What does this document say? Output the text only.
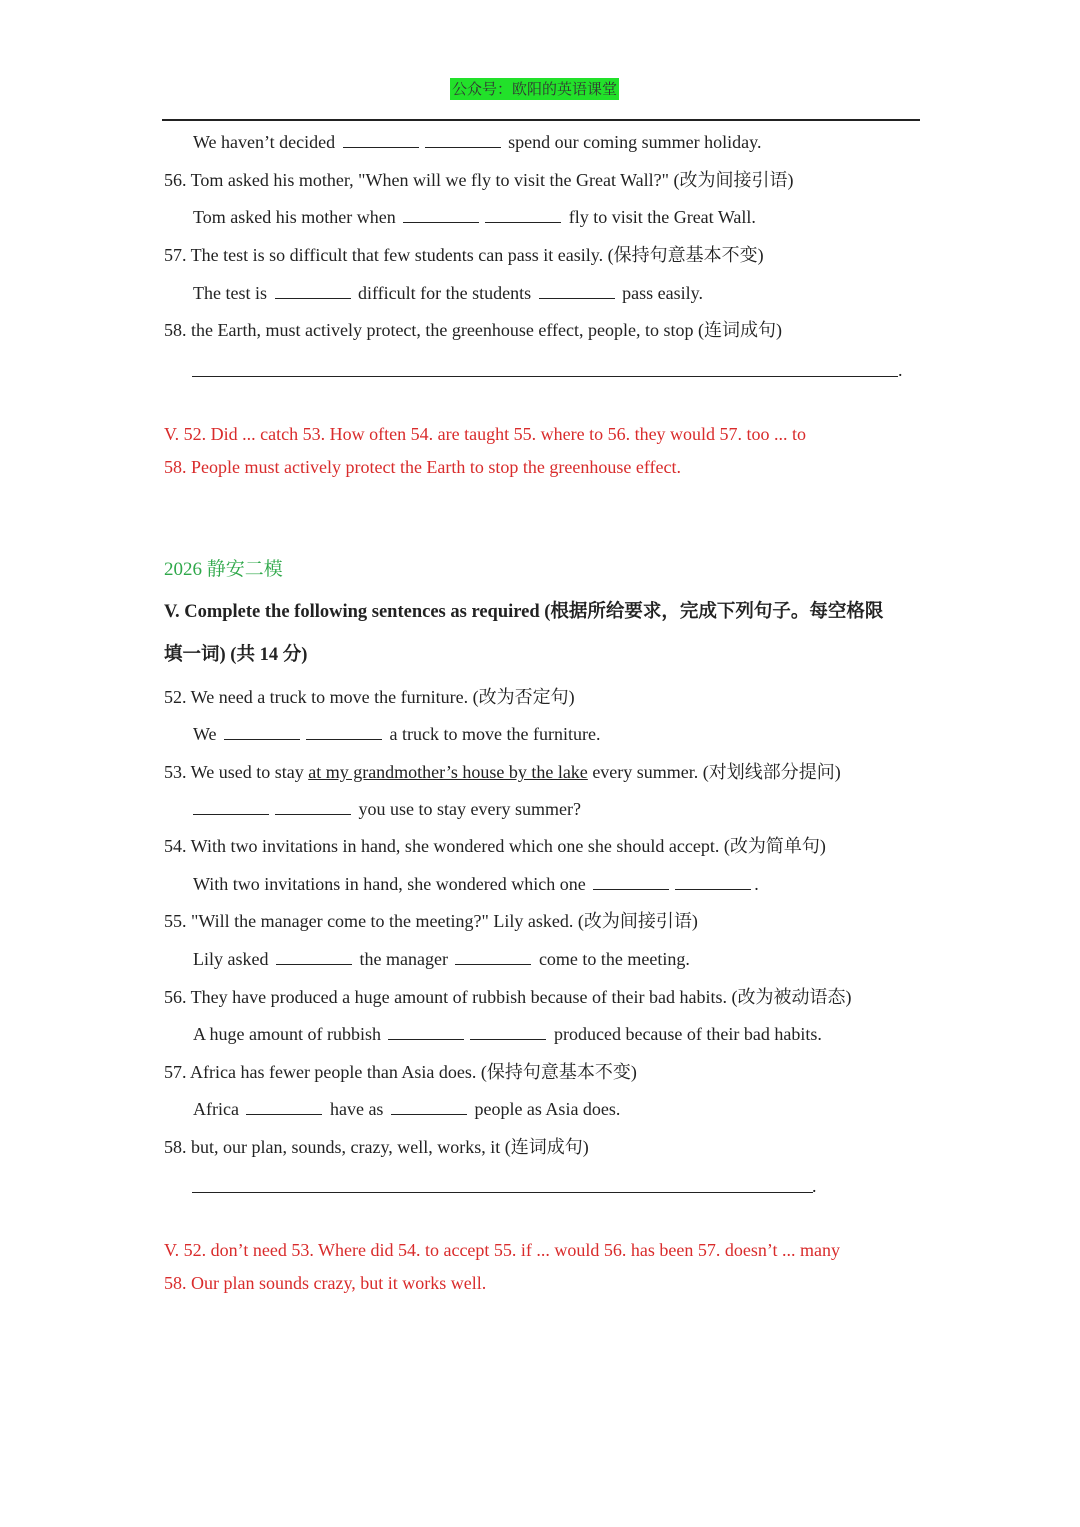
公众号：欧阳的英语课堂
We haven’t decided	spend our coming summer holiday.
56. Tom asked his mother, "When will we fly to visit the Great Wall?" (改为间接引语)
Tom asked his mother when	fly to visit the Great Wall.
57. The test is so difficult that few students can pass it easily. (保持句意基本不变)
The test is	difficult for the students	pass easily.
58. the Earth, must actively protect, the greenhouse effect, people, to stop (连词成句)
.
V. 52. Did ... catch 53. How often 54. are taught 55. where to 56. they would 57. too ... to
58. People must actively protect the Earth to stop the greenhouse effect.
2026 静安二模
V. Complete the following sentences as required (根据所给要求，完成下列句子。每空格限
填一词) (共 14 分)
52. We need a truck to move the furniture. (改为否定句)
We	a truck to move the furniture.
53. We used to stay at my grandmother’s house by the lake every summer. (对划线部分提问)
you use to stay every summer?
54. With two invitations in hand, she wondered which one she should accept. (改为简单句)
With two invitations in hand, she wondered which one	.
55. "Will the manager come to the meeting?" Lily asked. (改为间接引语)
Lily asked	the manager	come to the meeting.
56. They have produced a huge amount of rubbish because of their bad habits. (改为被动语态)
A huge amount of rubbish	produced because of their bad habits.
57. Africa has fewer people than Asia does. (保持句意基本不变)
Africa	have as	people as Asia does.
58. but, our plan, sounds, crazy, well, works, it (连词成句)
.
V. 52. don’t need 53. Where did 54. to accept 55. if ... would 56. has been 57. doesn’t ... many
58. Our plan sounds crazy, but it works well.
